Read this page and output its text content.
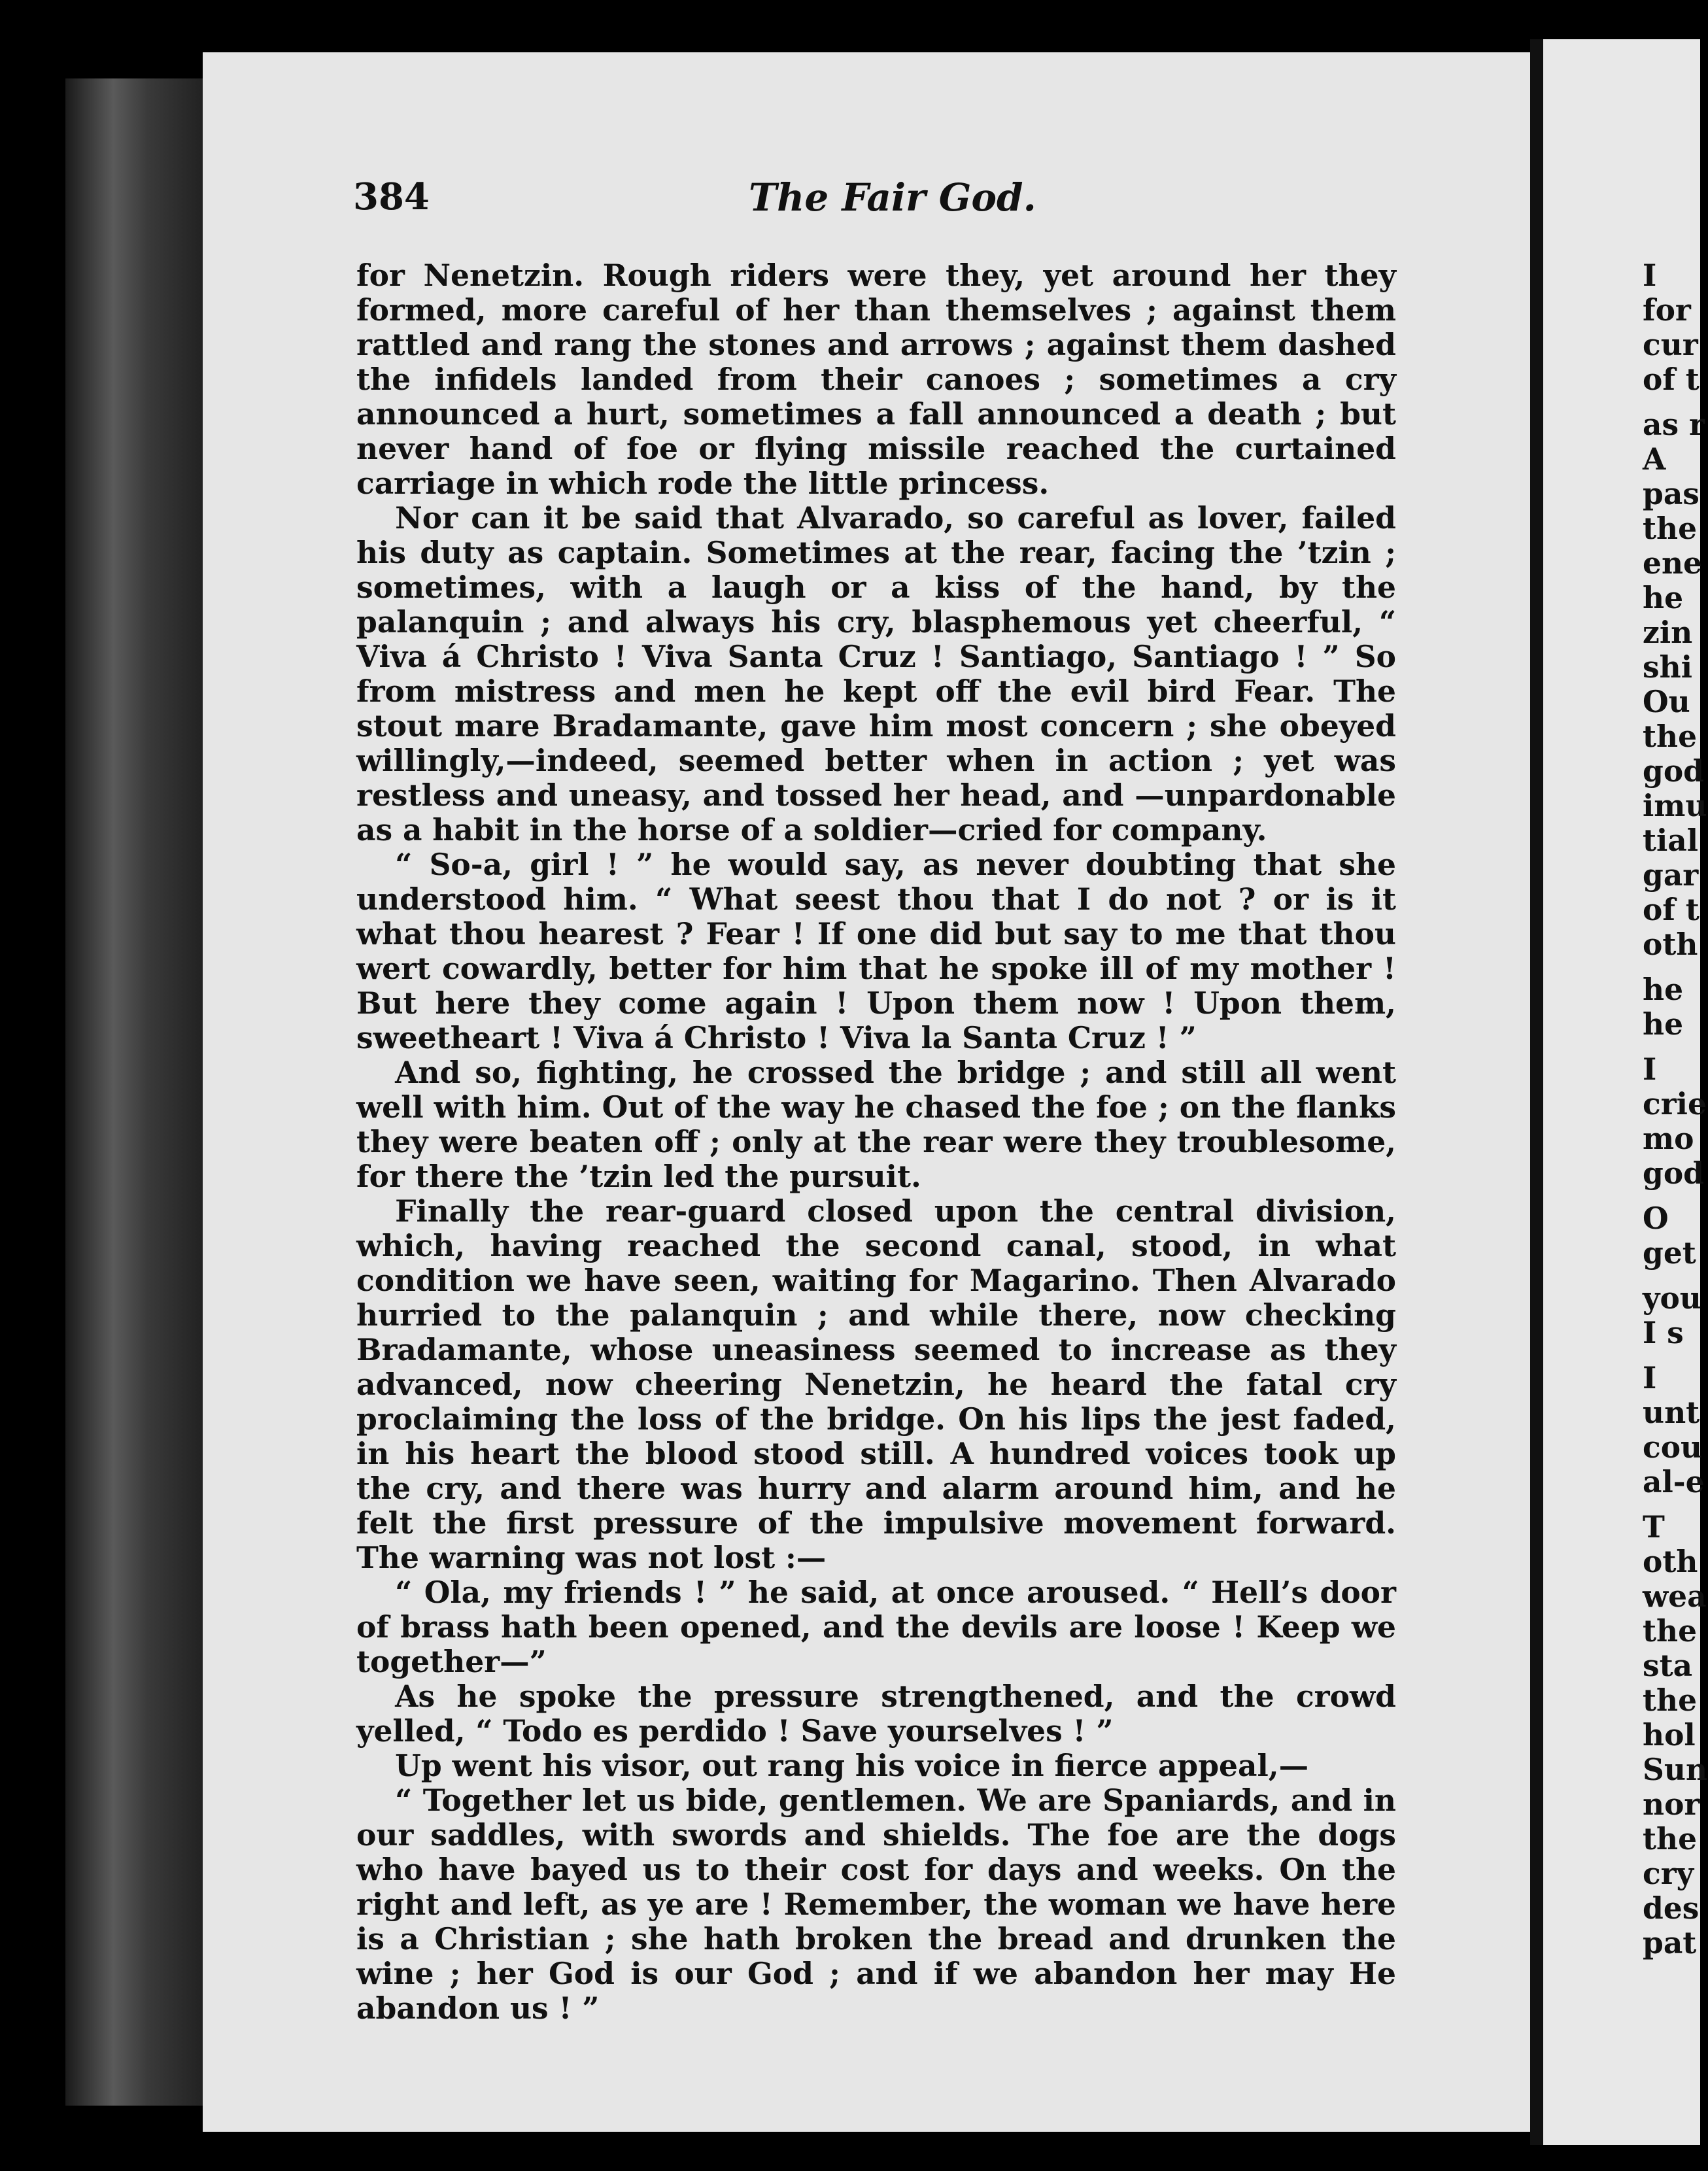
384	The Fair God.

for Nenetzin. Rough riders were they, yet around her they formed, more careful of her than themselves ; against them rattled and rang the stones and arrows ; against them dashed the infidels landed from their canoes ; sometimes a cry announced a hurt, sometimes a fall announced a death ; but never hand of foe or flying missile reached the curtained carriage in which rode the little princess.

Nor can it be said that Alvarado, so careful as lover, failed his duty as captain. Sometimes at the rear, facing the ’tzin ; sometimes, with a laugh or a kiss of the hand, by the palanquin ; and always his cry, blasphemous yet cheerful, “ Viva á Christo ! Viva Santa Cruz ! Santiago, Santiago ! ” So from mistress and men he kept off the evil bird Fear. The stout mare Bradamante, gave him most concern ; she obeyed willingly,—indeed, seemed better when in action ; yet was restless and uneasy, and tossed her head, and —unpardonable as a habit in the horse of a soldier—cried for company.

“ So-a, girl ! ” he would say, as never doubting that she understood him. “ What seest thou that I do not ? or is it what thou hearest ? Fear ! If one did but say to me that thou wert cowardly, better for him that he spoke ill of my mother ! But here they come again ! Upon them now ! Upon them, sweetheart ! Viva á Christo ! Viva la Santa Cruz ! ”

And so, fighting, he crossed the bridge ; and still all went well with him. Out of the way he chased the foe ; on the flanks they were beaten off ; only at the rear were they troublesome, for there the ’tzin led the pursuit.

Finally the rear-guard closed upon the central division, which, having reached the second canal, stood, in what condition we have seen, waiting for Magarino. Then Alvarado hurried to the palanquin ; and while there, now checking Bradamante, whose uneasiness seemed to increase as they advanced, now cheering Nenetzin, he heard the fatal cry proclaiming the loss of the bridge. On his lips the jest faded, in his heart the blood stood still. A hundred voices took up the cry, and there was hurry and alarm around him, and he felt the first pressure of the impulsive movement forward. The warning was not lost :—

“ Ola, my friends ! ” he said, at once aroused. “ Hell’s door of brass hath been opened, and the devils are loose ! Keep we together—”

As he spoke the pressure strengthened, and the crowd yelled, “ Todo es perdido ! Save yourselves ! ”

Up went his visor, out rang his voice in fierce appeal,—

“ Together let us bide, gentlemen. We are Spaniards, and in our saddles, with swords and shields. The foe are the dogs who have bayed us to their cost for days and weeks. On the right and left, as ye are ! Remember, the woman we have here is a Christian ; she hath broken the bread and drunken the wine ; her God is our God ; and if we abandon her may He abandon us ! ”

I
for
cur
of t
as r
A
pas
the
ene
he
zin
shi
Ou
the
god
imu
tial
gar
of t
oth
he
he
I
crie
mo
god
O
get
you
I s
I
unt
cou
al-e
T
oth
wea
the
sta
the
hol
Sun
nor
the
cry
des
pat
